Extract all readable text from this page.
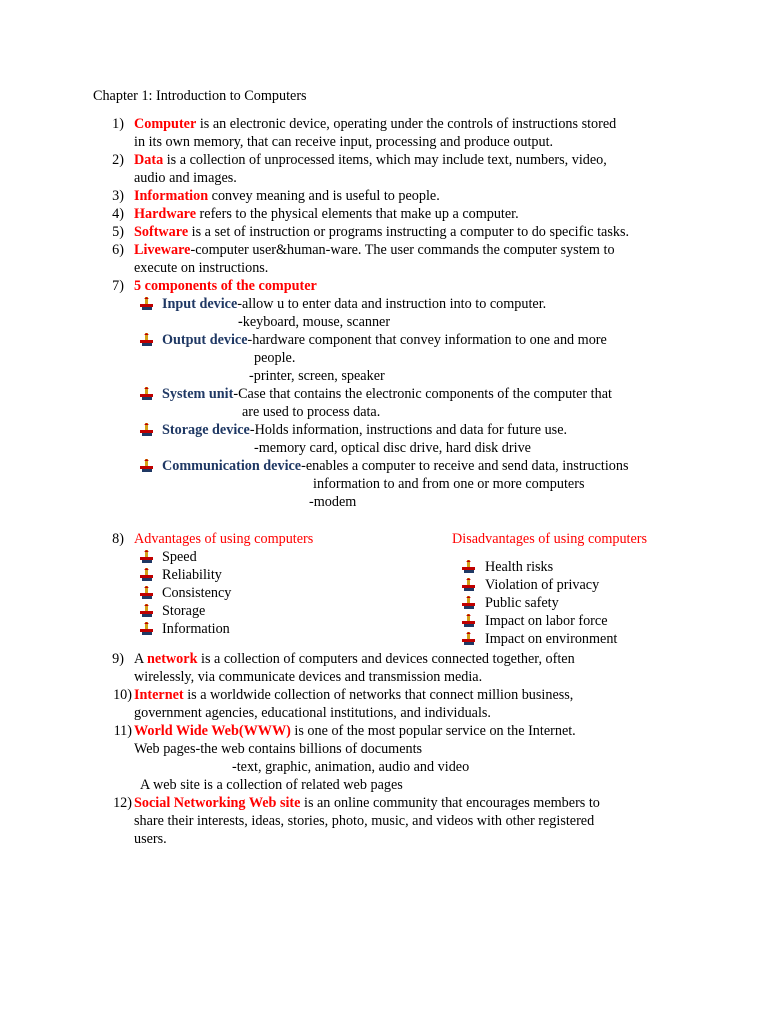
Chapter 1: Introduction to Computers
1) Computer is an electronic device, operating under the controls of instructions stored
in its own memory, that can receive input, processing and produce output.
2) Data is a collection of unprocessed items, which may include text, numbers, video,
audio and images.
3) Information convey meaning and is useful to people.
4) Hardware refers to the physical elements that make up a computer.
5) Software is a set of instruction or programs instructing a computer to do specific tasks.
6) Liveware-computer user&human-ware. The user commands the computer system to
execute on instructions.
7) 5 components of the computer
Input device-allow u to enter data and instruction into to computer.
-keyboard, mouse, scanner
Output device-hardware component that convey information to one and more
people.
-printer, screen, speaker
System unit-Case that contains the electronic components of the computer that
are used to process data.
Storage device-Holds information, instructions and data for future use.
-memory card, optical disc drive, hard disk drive
Communication device-enables a computer to receive and send data, instructions
information to and from one or more computers
-modem
8) Advantages of using computers	Disadvantages of using computers
Speed
Reliability
Consistency
Storage
Information
Health risks
Violation of privacy
Public safety
Impact on labor force
Impact on environment
9) A network is a collection of computers and devices connected together, often
wirelessly, via communicate devices and transmission media.
10) Internet is a worldwide collection of networks that connect million business,
government agencies, educational institutions, and individuals.
11) World Wide Web(WWW) is one of the most popular service on the Internet.
Web pages-the web contains billions of documents
-text, graphic, animation, audio and video
A web site is a collection of related web pages
12) Social Networking Web site is an online community that encourages members to
share their interests, ideas, stories, photo, music, and videos with other registered
users.
